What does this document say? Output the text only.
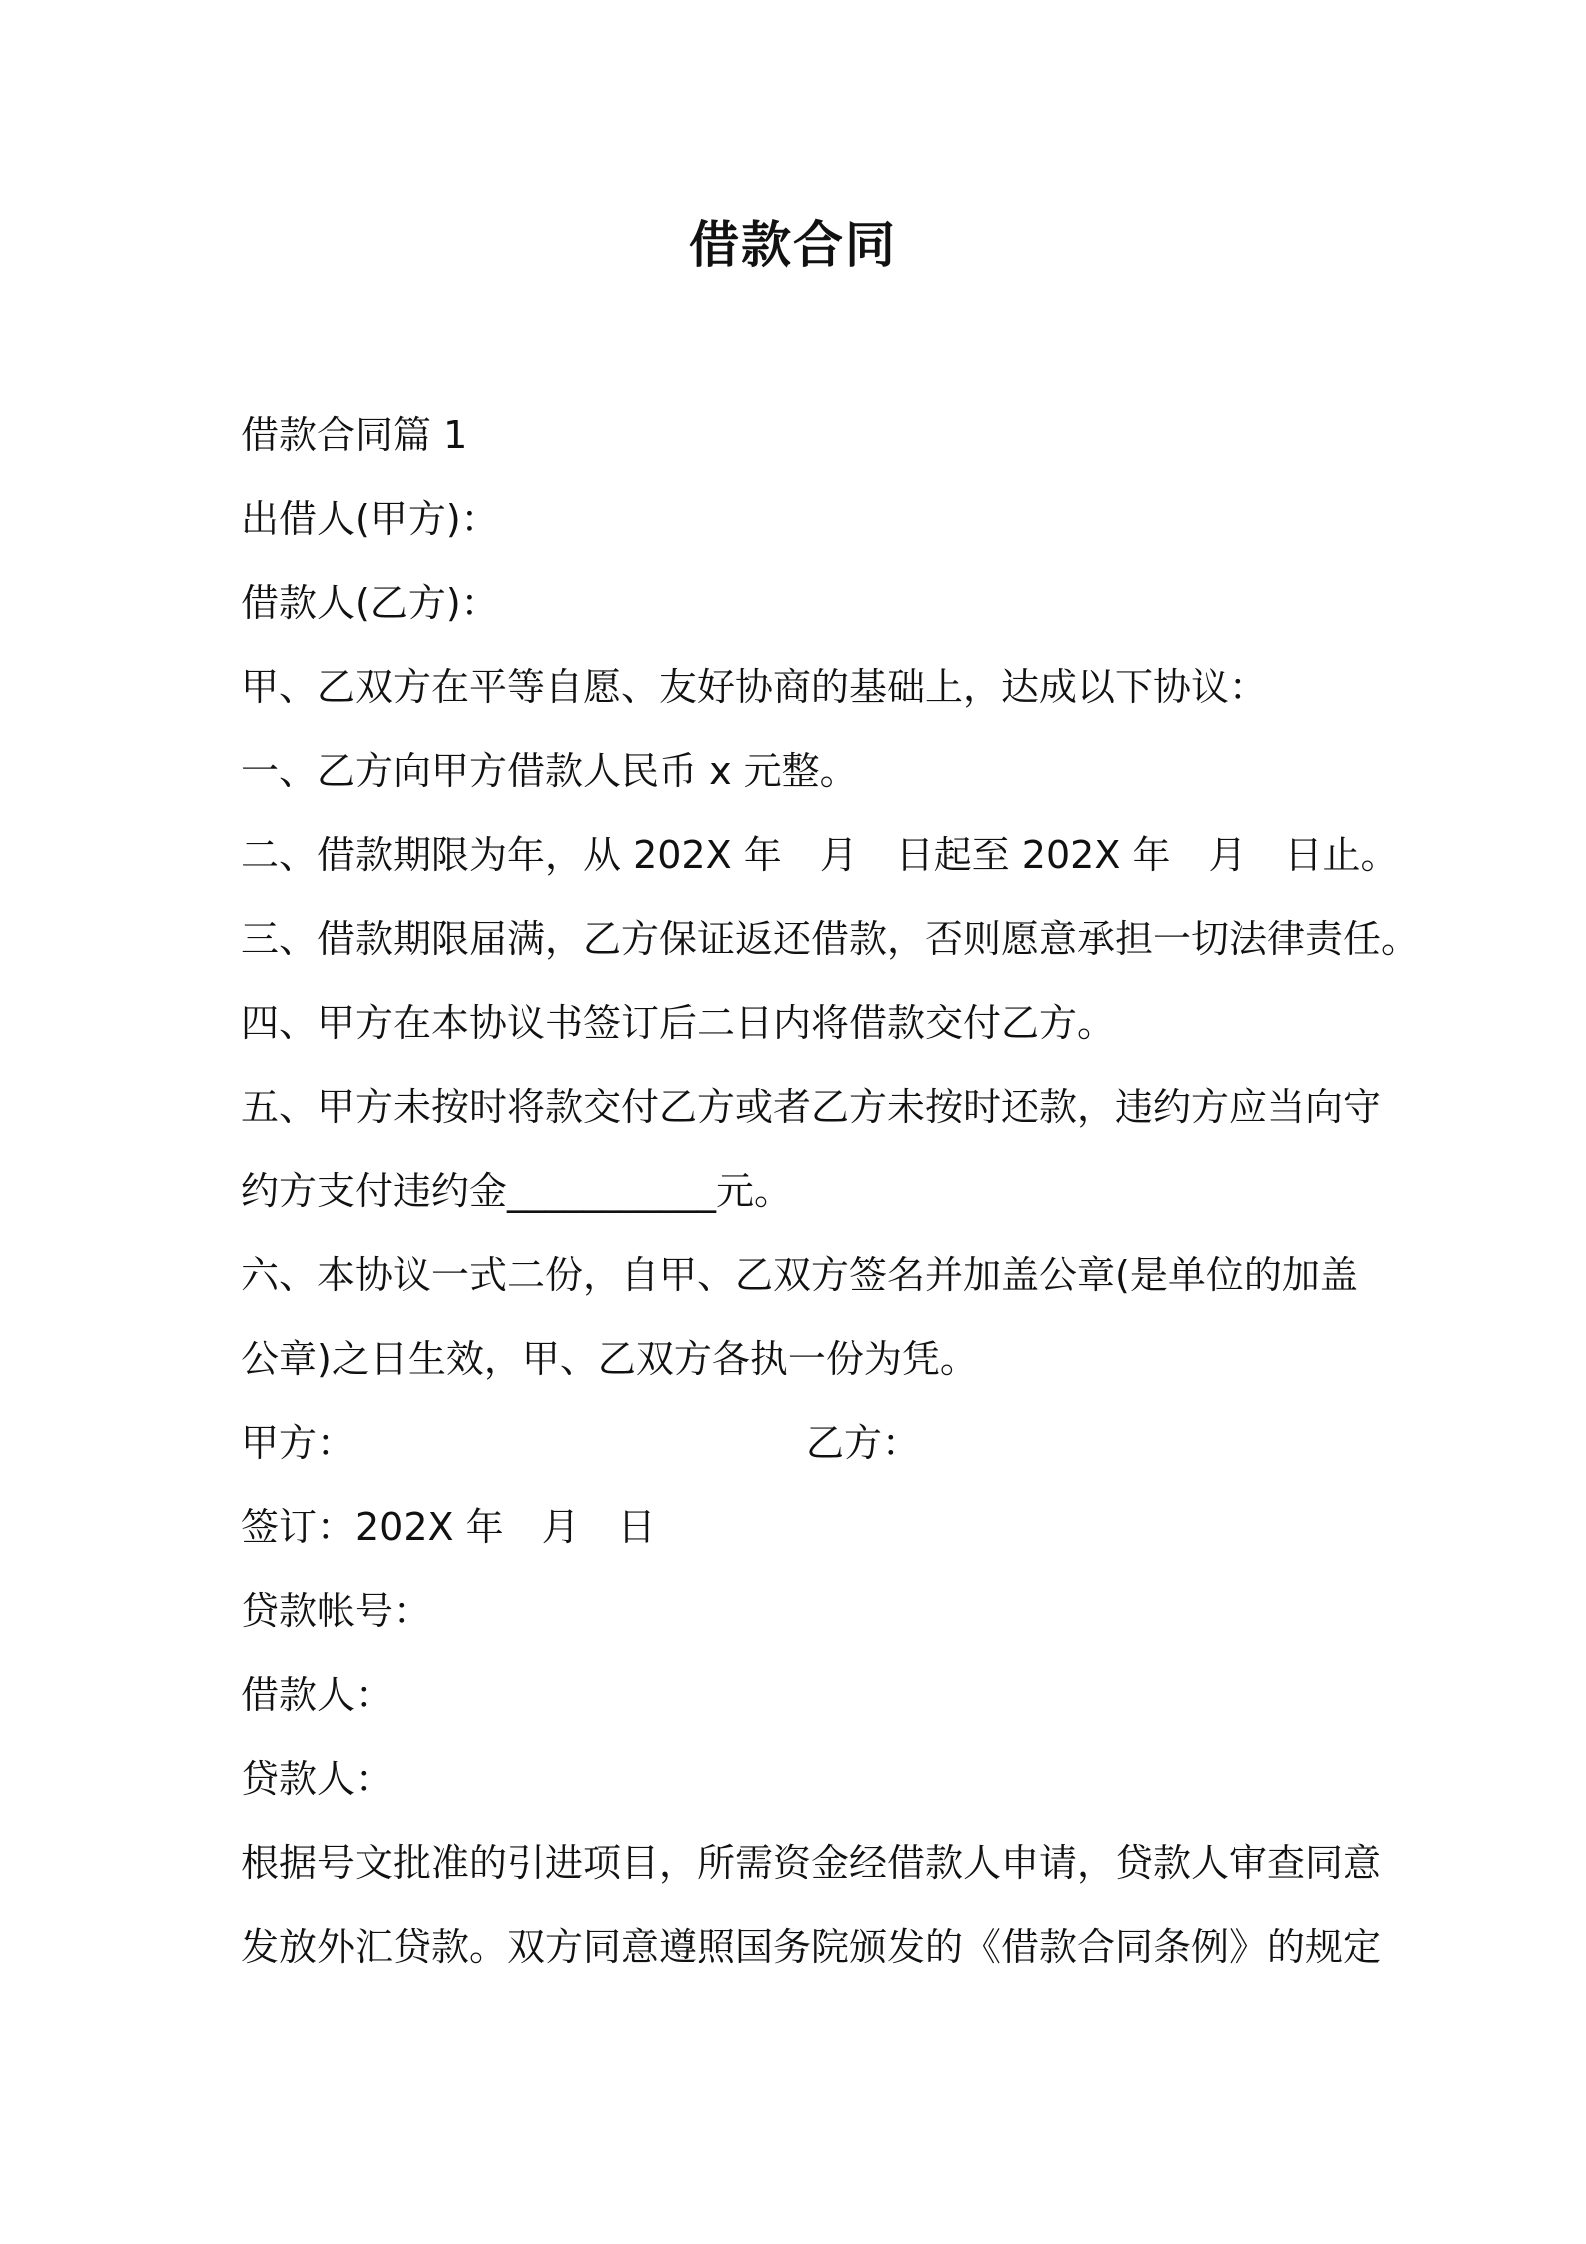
借款合同
借款合同篇 1
出借人(甲方)：
借款人(乙方)：
甲、乙双方在平等自愿、友好协商的基础上，达成以下协议：
一、乙方向甲方借款人民币 x 元整。
二、借款期限为年，从 202X 年　月　日起至 202X 年　月　日止。
三、借款期限届满，乙方保证返还借款，否则愿意承担一切法律责任。
四、甲方在本协议书签订后二日内将借款交付乙方。
五、甲方未按时将款交付乙方或者乙方未按时还款，违约方应当向守
约方支付违约金___________元。
六、本协议一式二份，自甲、乙双方签名并加盖公章(是单位的加盖
公章)之日生效，甲、乙双方各执一份为凭。
甲方：	乙方：
签订：202X 年　月　日
贷款帐号：
借款人：
贷款人：
根据号文批准的引进项目，所需资金经借款人申请，贷款人审查同意
发放外汇贷款。双方同意遵照国务院颁发的《借款合同条例》的规定
